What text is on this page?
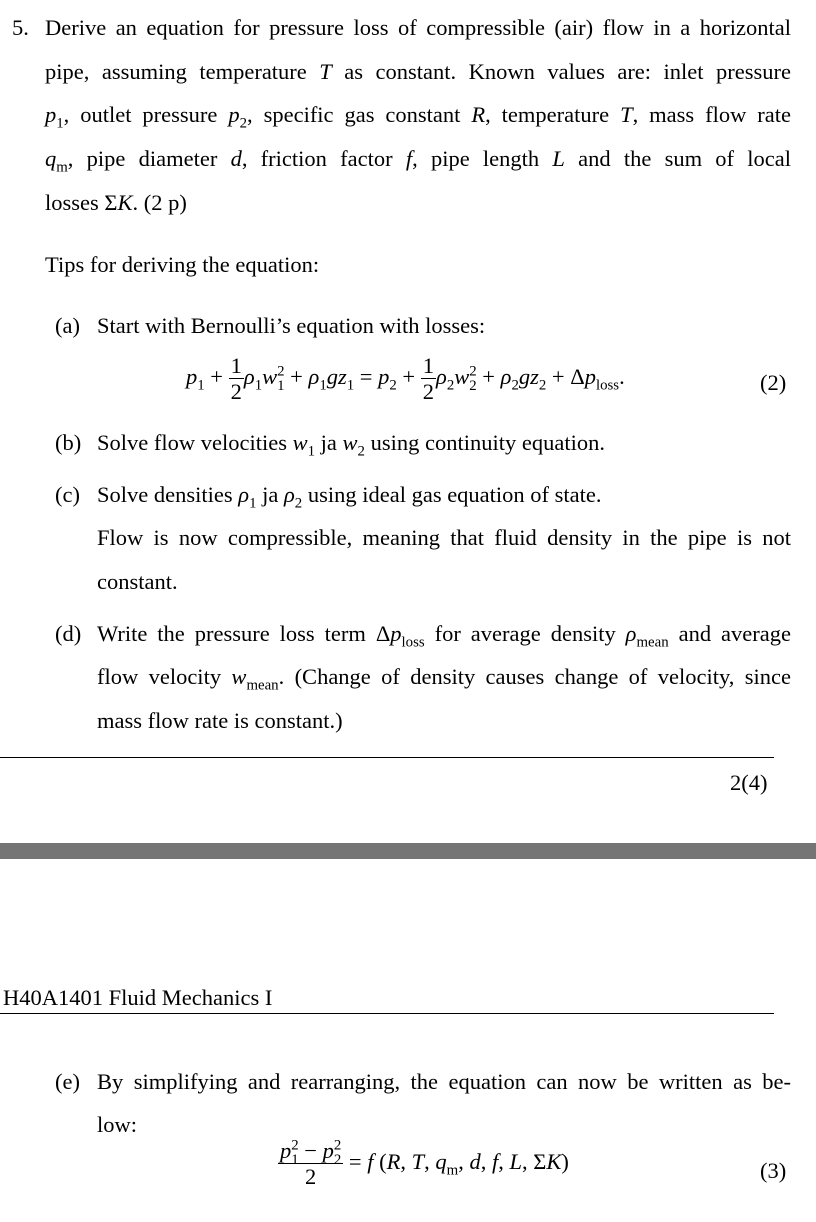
5. Derive an equation for pressure loss of compressible (air) flow in a horizontal
pipe, assuming temperature T as constant. Known values are: inlet pressure
$p_1$, outlet pressure $p_2$, specific gas constant R, temperature T, mass flow rate
$q_m$, pipe diameter d, friction factor f, pipe length L and the sum of local
losses ΣK. (2 p)
Tips for deriving the equation:
(a) Start with Bernoulli’s equation with losses:
$p_1 + \frac{1}{2} \rho_1w^2_1 + \rho_1gz_1 = p_2 + \frac{1}{2} \rho_2w^2_2 + \rho_2gz_2 + \Delta p_{loss}$.	(2)
(b) Solve flow velocities $w_1$ ja $w_2$ using continuity equation.
(c) Solve densities $\rho_1$ ja $\rho_2$ using ideal gas equation of state.
Flow is now compressible, meaning that fluid density in the pipe is not
constant.
(d) Write the pressure loss term $\Delta p_{loss}$ for average density $\rho_{mean}$ and average
flow velocity $w_{mean}$. (Change of density causes change of velocity, since
mass flow rate is constant.)
2(4)
H40A1401 Fluid Mechanics I
(e) By simplifying and rearranging, the equation can now be written as be-
low:
$\frac{p^2_1 - p^2_2}{2} = f$ (R, T, $q_m$, d, f, L, ΣK)	(3)
